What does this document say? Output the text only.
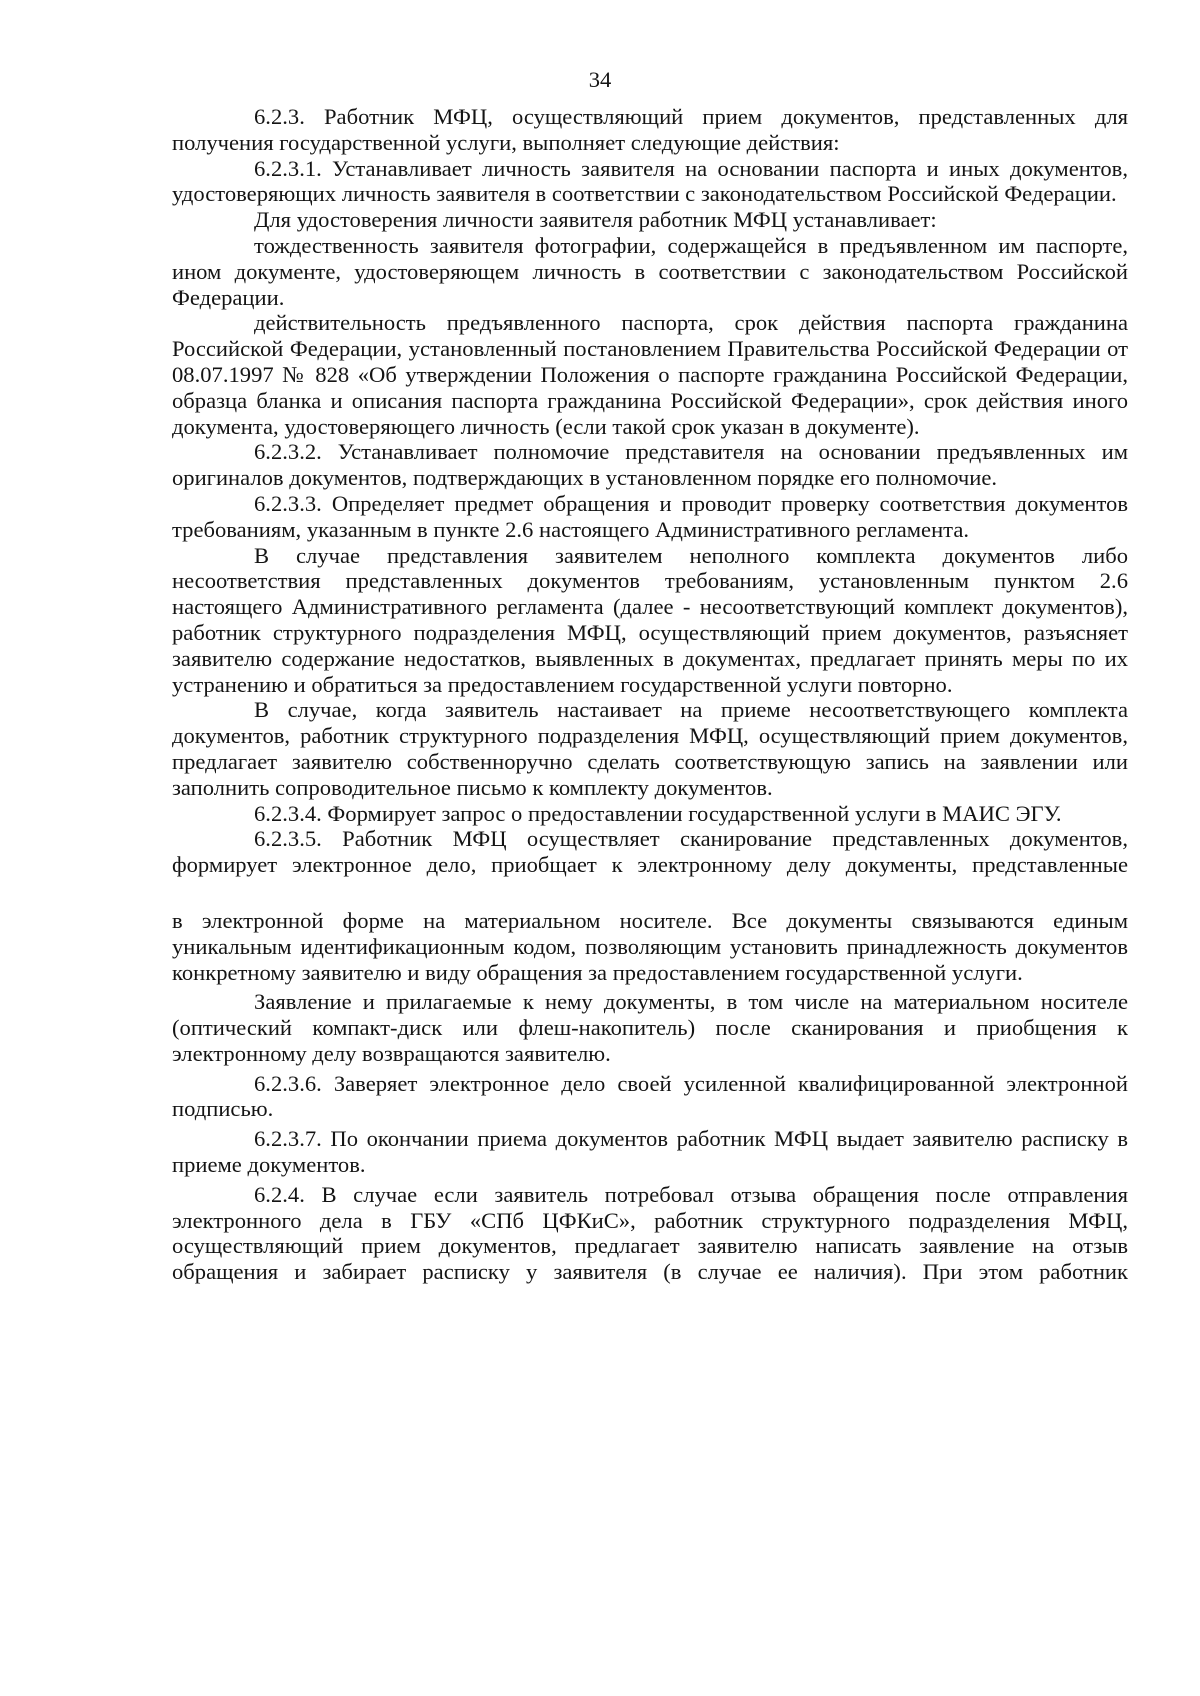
34

6.2.3. Работник МФЦ, осуществляющий прием документов, представленных для получения государственной услуги, выполняет следующие действия:

6.2.3.1. Устанавливает личность заявителя на основании паспорта и иных документов, удостоверяющих личность заявителя в соответствии с законодательством Российской Федерации.

Для удостоверения личности заявителя работник МФЦ устанавливает:

тождественность заявителя фотографии, содержащейся в предъявленном им паспорте, ином документе, удостоверяющем личность в соответствии с законодательством Российской Федерации.

действительность предъявленного паспорта, срок действия паспорта гражданина Российской Федерации, установленный постановлением Правительства Российской Федерации от 08.07.1997 № 828 «Об утверждении Положения о паспорте гражданина Российской Федерации, образца бланка и описания паспорта гражданина Российской Федерации», срок действия иного документа, удостоверяющего личность (если такой срок указан в документе).

6.2.3.2. Устанавливает полномочие представителя на основании предъявленных им оригиналов документов, подтверждающих в установленном порядке его полномочие.

6.2.3.3. Определяет предмет обращения и проводит проверку соответствия документов требованиям, указанным в пункте 2.6 настоящего Административного регламента.

В случае представления заявителем неполного комплекта документов либо несоответствия представленных документов требованиям, установленным пунктом 2.6 настоящего Административного регламента (далее - несоответствующий комплект документов), работник структурного подразделения МФЦ, осуществляющий прием документов, разъясняет заявителю содержание недостатков, выявленных в документах, предлагает принять меры по их устранению и обратиться за предоставлением государственной услуги повторно.

В случае, когда заявитель настаивает на приеме несоответствующего комплекта документов, работник структурного подразделения МФЦ, осуществляющий прием документов, предлагает заявителю собственноручно сделать соответствующую запись на заявлении или заполнить сопроводительное письмо к комплекту документов.

6.2.3.4. Формирует запрос о предоставлении государственной услуги в МАИС ЭГУ.

6.2.3.5. Работник МФЦ осуществляет сканирование представленных документов, формирует электронное дело, приобщает к электронному делу документы, представленные

в электронной форме на материальном носителе. Все документы связываются единым уникальным идентификационным кодом, позволяющим установить принадлежность документов конкретному заявителю и виду обращения за предоставлением государственной услуги.

Заявление и прилагаемые к нему документы, в том числе на материальном носителе (оптический компакт-диск или флеш-накопитель) после сканирования и приобщения к электронному делу возвращаются заявителю.

6.2.3.6. Заверяет электронное дело своей усиленной квалифицированной электронной подписью.

6.2.3.7. По окончании приема документов работник МФЦ выдает заявителю расписку в приеме документов.

6.2.4. В случае если заявитель потребовал отзыва обращения после отправления электронного дела в ГБУ «СПб ЦФКиС», работник структурного подразделения МФЦ, осуществляющий прием документов, предлагает заявителю написать заявление на отзыв обращения и забирает расписку у заявителя (в случае ее наличия). При этом работник
